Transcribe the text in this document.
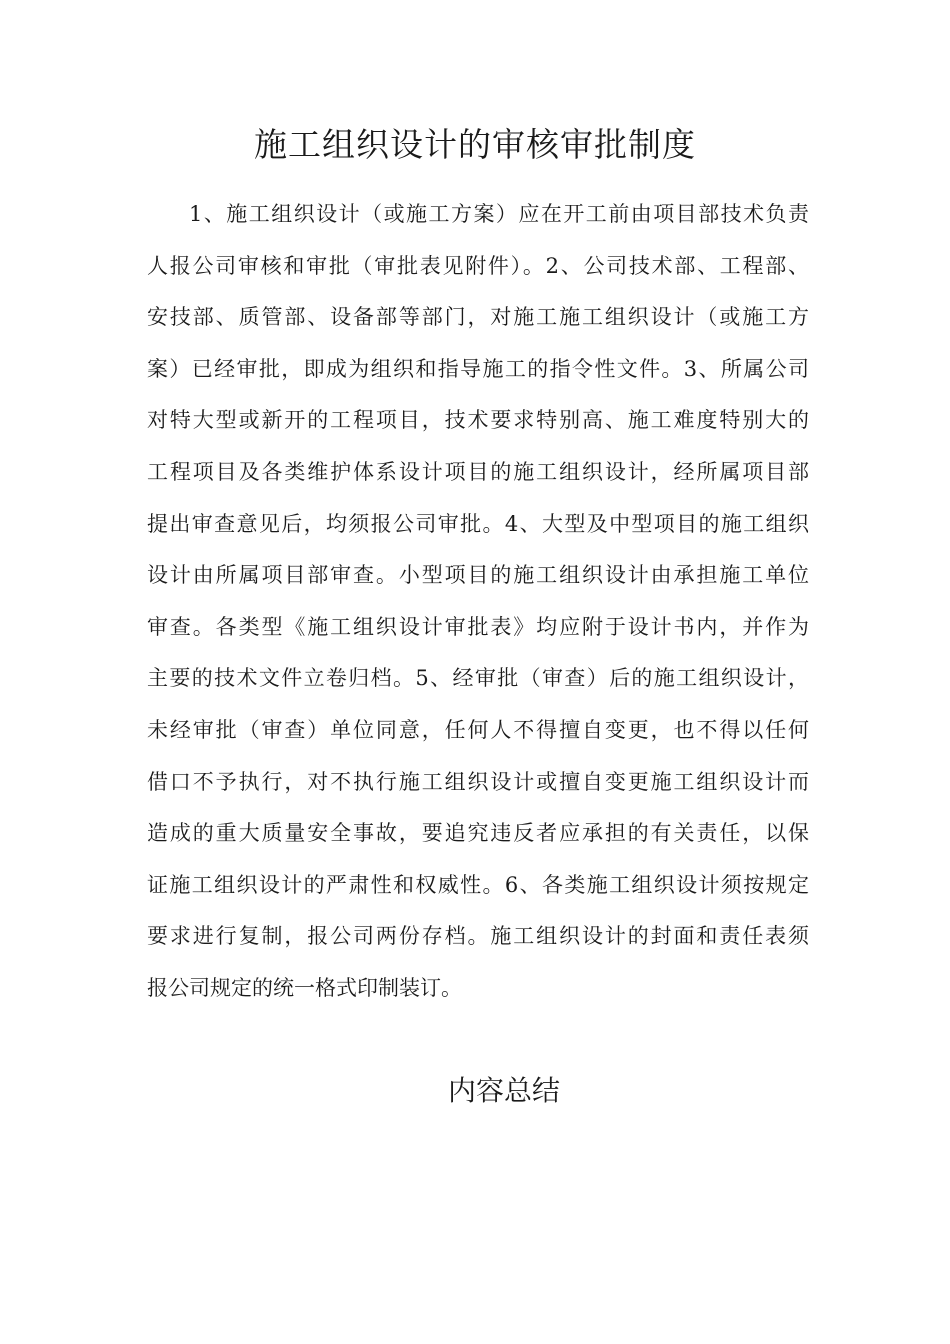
施工组织设计的审核审批制度
1、施工组织设计（或施工方案）应在开工前由项目部技术负责
人报公司审核和审批（审批表见附件）。2、公司技术部、工程部、
安技部、质管部、设备部等部门，对施工施工组织设计（或施工方
案）已经审批，即成为组织和指导施工的指令性文件。3、所属公司
对特大型或新开的工程项目，技术要求特别高、施工难度特别大的
工程项目及各类维护体系设计项目的施工组织设计，经所属项目部
提出审查意见后，均须报公司审批。4、大型及中型项目的施工组织
设计由所属项目部审查。小型项目的施工组织设计由承担施工单位
审查。各类型《施工组织设计审批表》均应附于设计书内，并作为
主要的技术文件立卷归档。5、经审批（审查）后的施工组织设计，
未经审批（审查）单位同意，任何人不得擅自变更，也不得以任何
借口不予执行，对不执行施工组织设计或擅自变更施工组织设计而
造成的重大质量安全事故，要追究违反者应承担的有关责任，以保
证施工组织设计的严肃性和权威性。6、各类施工组织设计须按规定
要求进行复制，报公司两份存档。施工组织设计的封面和责任表须
报公司规定的统一格式印制装订。
内容总结
